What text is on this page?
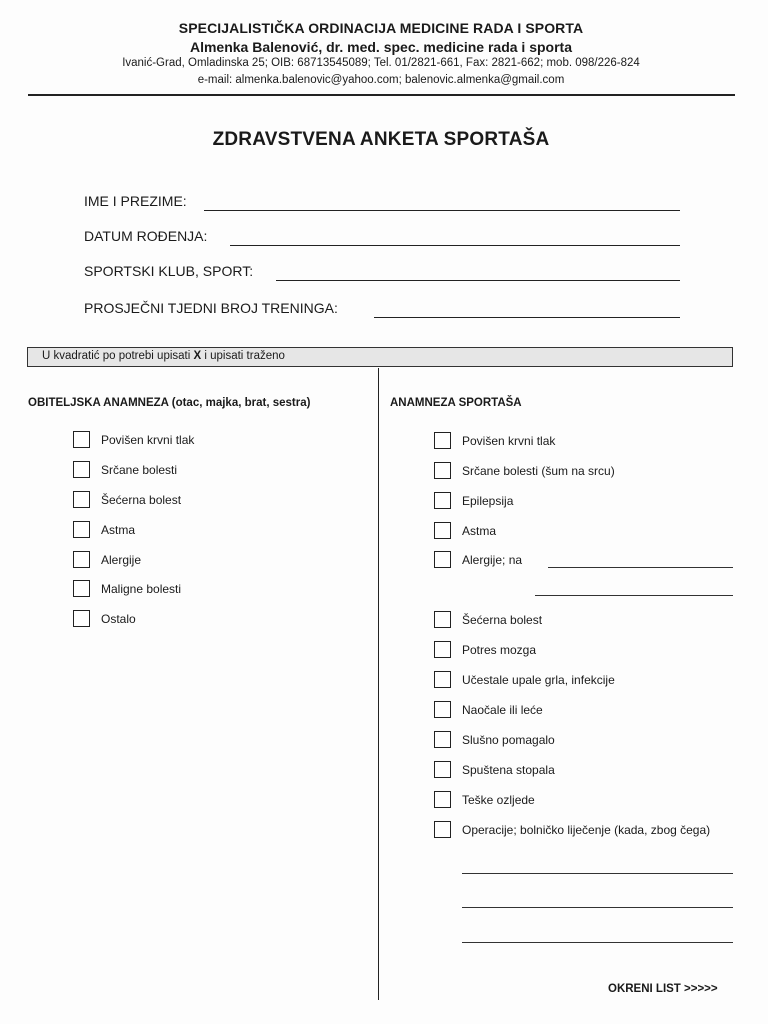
SPECIJALISTIČKA ORDINACIJA MEDICINE RADA I SPORTA
Almenka Balenović, dr. med. spec. medicine rada i sporta
Ivanić-Grad, Omladinska 25; OIB: 68713545089; Tel. 01/2821-661, Fax: 2821-662; mob. 098/226-824
e-mail: almenka.balenovic@yahoo.com; balenovic.almenka@gmail.com
ZDRAVSTVENA ANKETA SPORTAŠA
IME I PREZIME:
DATUM ROĐENJA:
SPORTSKI KLUB, SPORT:
PROSJEČNI TJEDNI BROJ TRENINGA:
U kvadratić po potrebi upisati X i upisati traženo
OBITELJSKA ANAMNEZA (otac, majka, brat, sestra)
Povišen krvni tlak
Srčane bolesti
Šećerna bolest
Astma
Alergije
Maligne bolesti
Ostalo
ANAMNEZA SPORTAŠA
Povišen krvni tlak
Srčane bolesti (šum na srcu)
Epilepsija
Astma
Alergije; na
Šećerna bolest
Potres mozga
Učestale upale grla, infekcije
Naočale ili leće
Slušno pomagalo
Spuštena stopala
Teške ozljede
Operacije; bolničko liječenje (kada, zbog čega)
OKRENI LIST >>>>>
